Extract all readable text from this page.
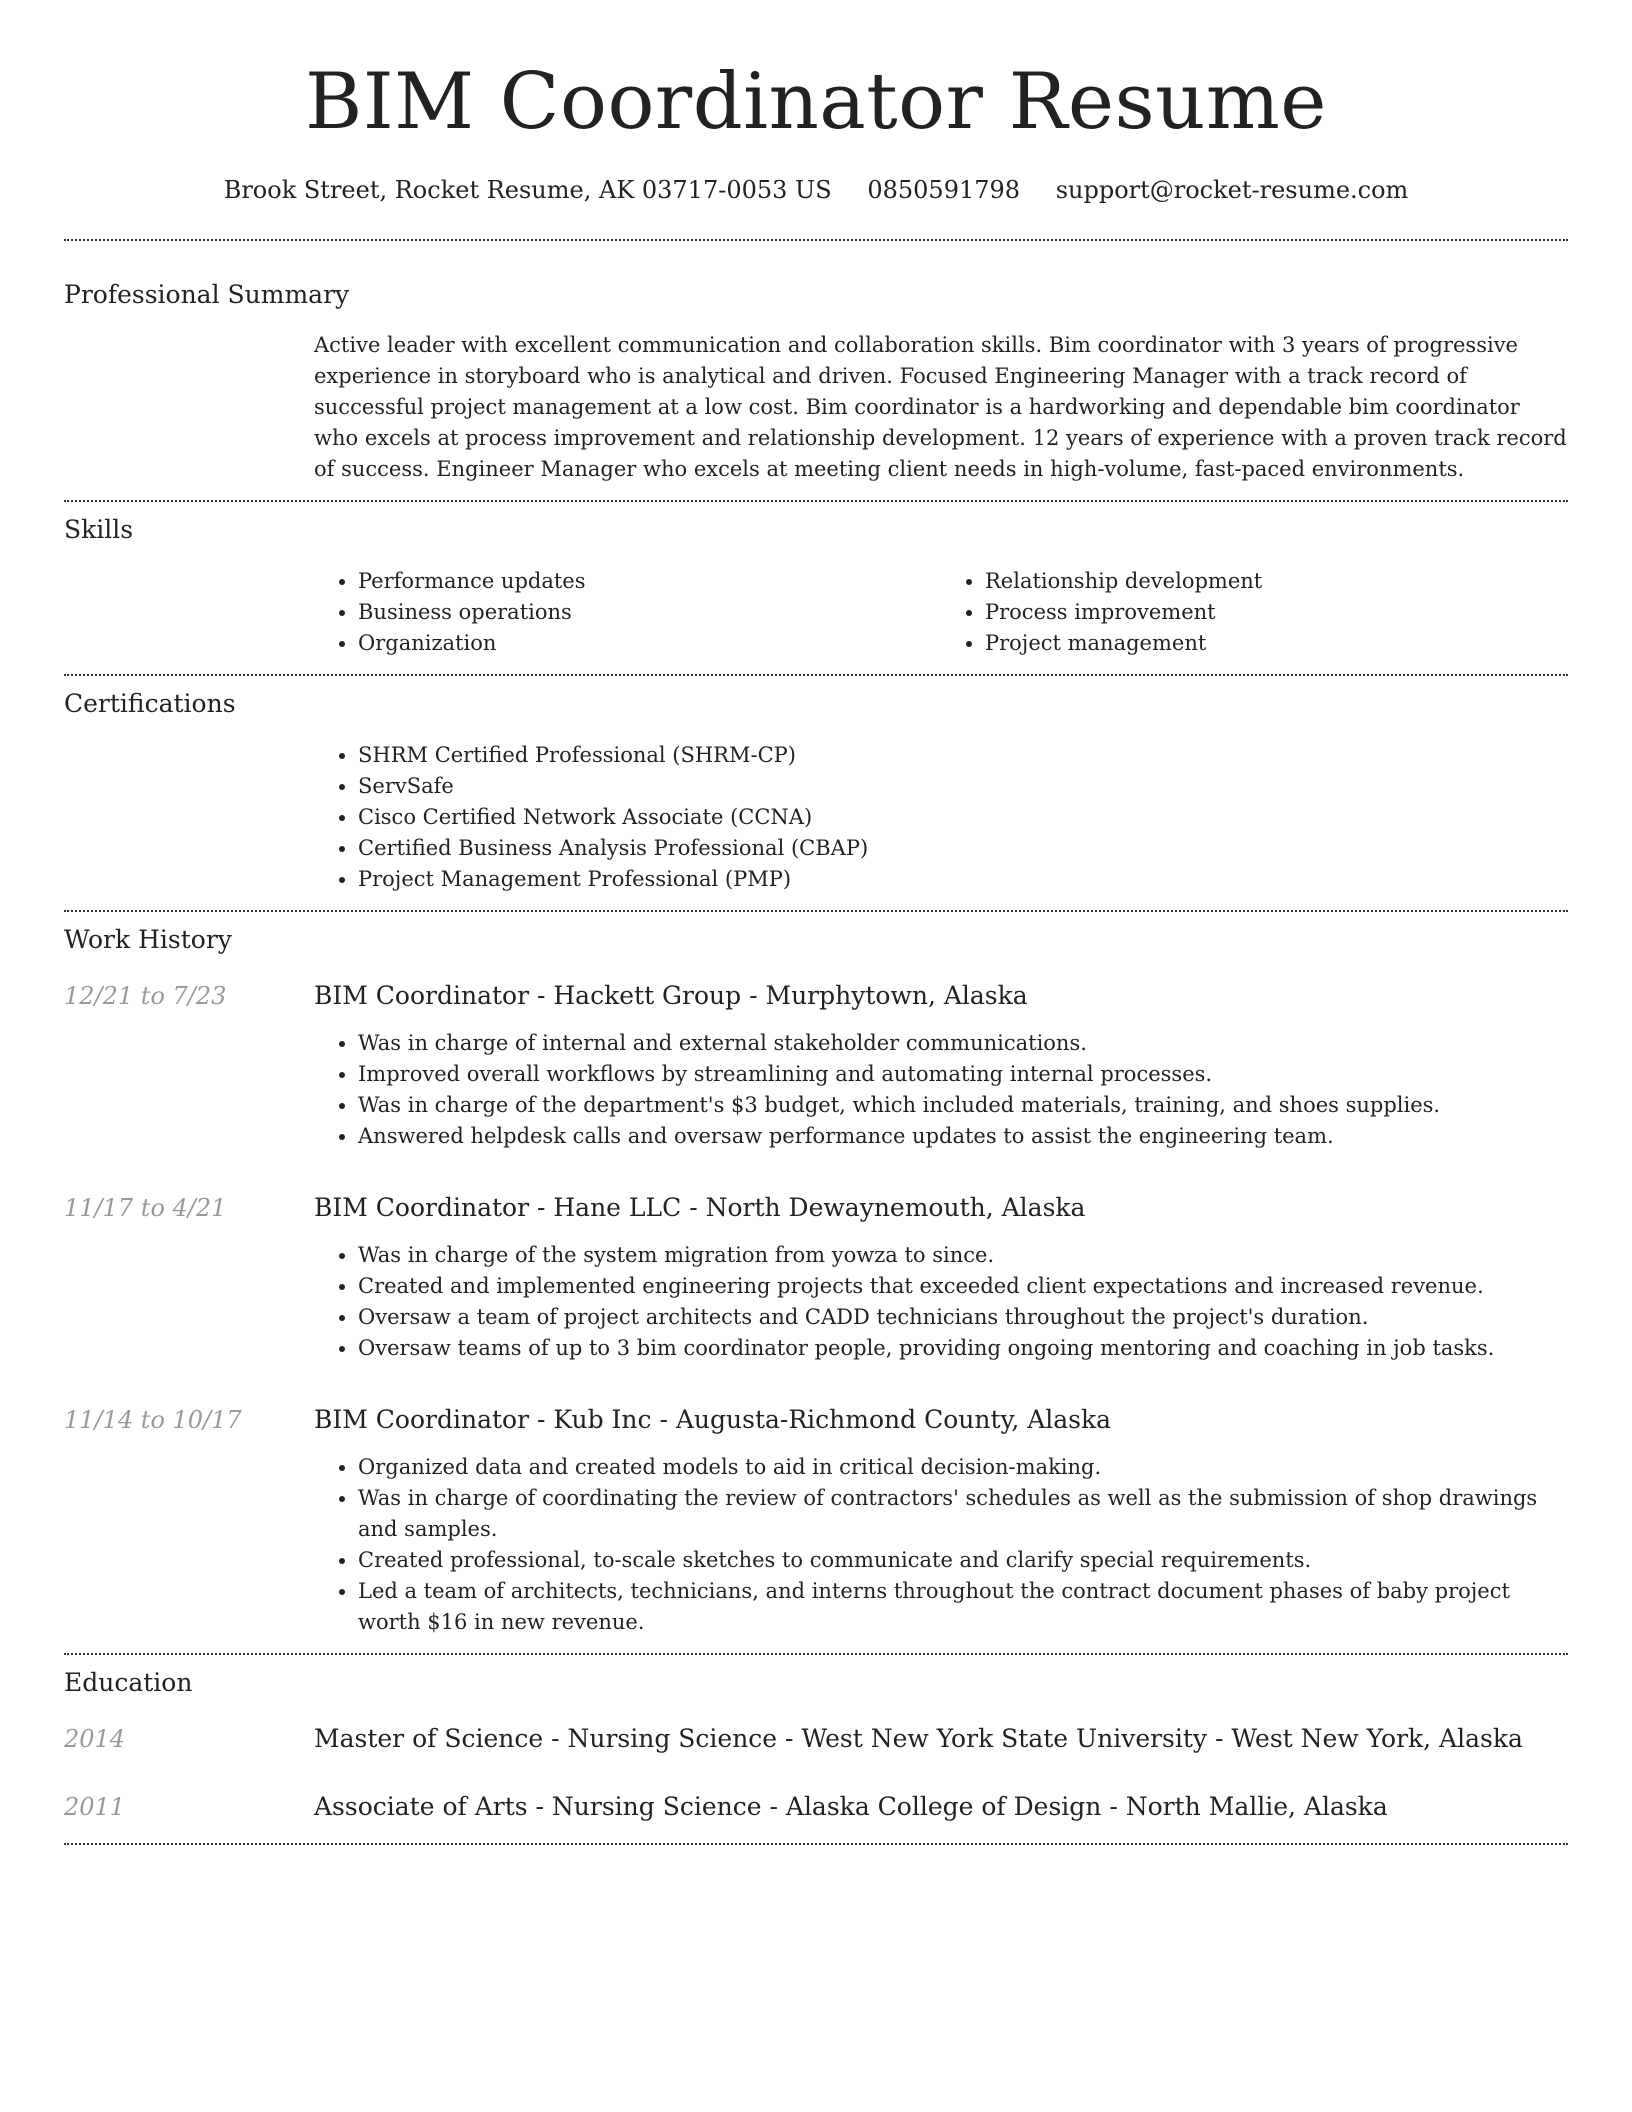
BIM Coordinator Resume
Brook Street, Rocket Resume, AK 03717-0053 US 0850591798 support@rocket-resume.com
Professional Summary
Active leader with excellent communication and collaboration skills. Bim coordinator with 3 years of progressive experience in storyboard who is analytical and driven. Focused Engineering Manager with a track record of successful project management at a low cost. Bim coordinator is a hardworking and dependable bim coordinator who excels at process improvement and relationship development. 12 years of experience with a proven track record of success. Engineer Manager who excels at meeting client needs in high-volume, fast-paced environments.
Skills
• Performance updates
• Business operations
• Organization
• Relationship development
• Process improvement
• Project management
Certifications
• SHRM Certified Professional (SHRM-CP)
• ServSafe
• Cisco Certified Network Associate (CCNA)
• Certified Business Analysis Professional (CBAP)
• Project Management Professional (PMP)
Work History
12/21 to 7/23	BIM Coordinator - Hackett Group - Murphytown, Alaska
• Was in charge of internal and external stakeholder communications.
• Improved overall workflows by streamlining and automating internal processes.
• Was in charge of the department's $3 budget, which included materials, training, and shoes supplies.
• Answered helpdesk calls and oversaw performance updates to assist the engineering team.
11/17 to 4/21	BIM Coordinator - Hane LLC - North Dewaynemouth, Alaska
• Was in charge of the system migration from yowza to since.
• Created and implemented engineering projects that exceeded client expectations and increased revenue.
• Oversaw a team of project architects and CADD technicians throughout the project's duration.
• Oversaw teams of up to 3 bim coordinator people, providing ongoing mentoring and coaching in job tasks.
11/14 to 10/17	BIM Coordinator - Kub Inc - Augusta-Richmond County, Alaska
• Organized data and created models to aid in critical decision-making.
• Was in charge of coordinating the review of contractors' schedules as well as the submission of shop drawings and samples.
• Created professional, to-scale sketches to communicate and clarify special requirements.
• Led a team of architects, technicians, and interns throughout the contract document phases of baby project worth $16 in new revenue.
Education
2014	Master of Science - Nursing Science - West New York State University - West New York, Alaska
2011	Associate of Arts - Nursing Science - Alaska College of Design - North Mallie, Alaska
